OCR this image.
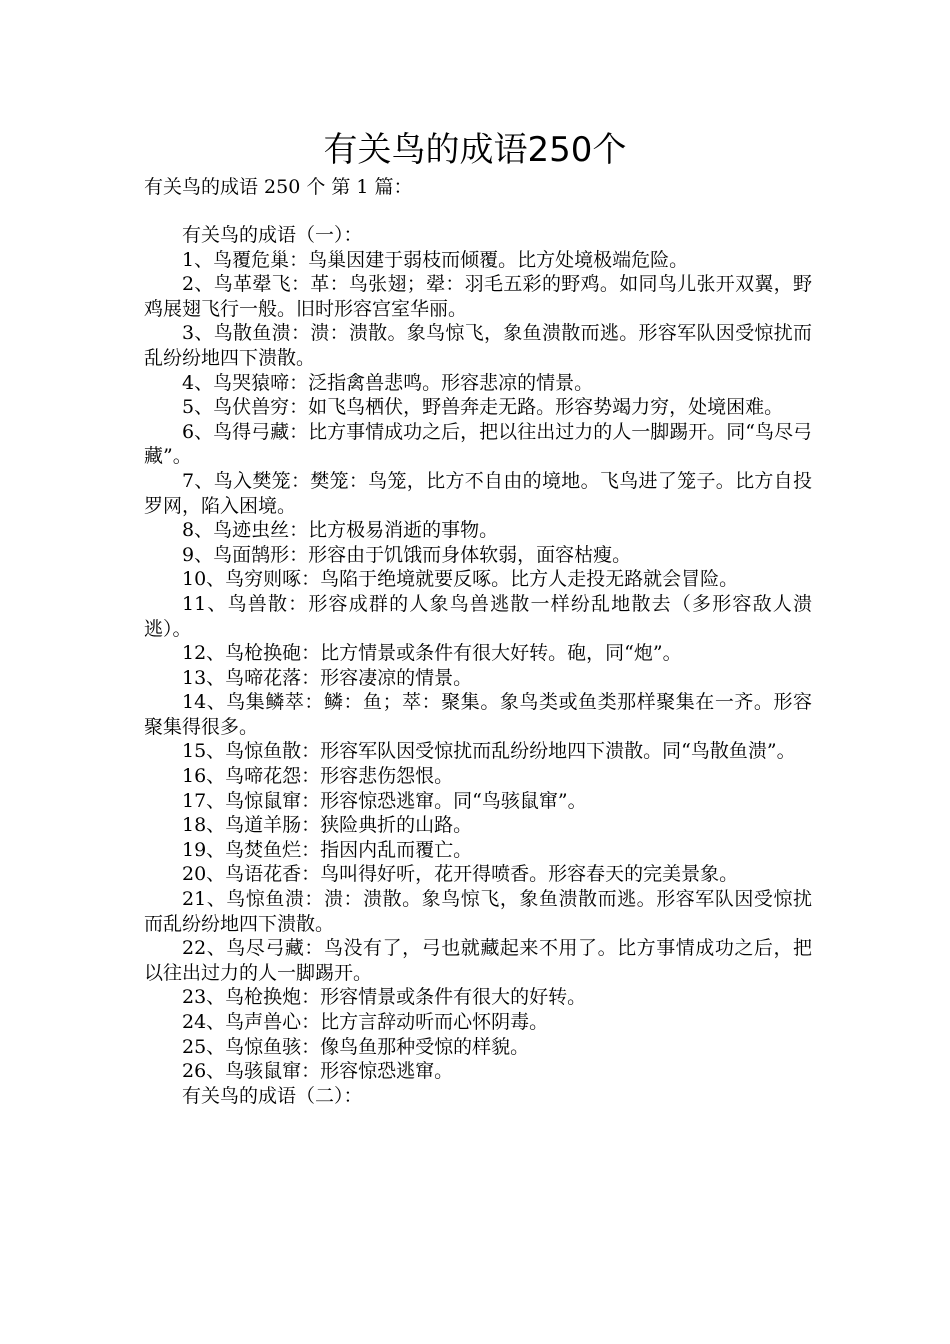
有关鸟的成语250个
有关鸟的成语 250 个 第 1 篇：

有关鸟的成语（一）：

1、鸟覆危巢：鸟巢因建于弱枝而倾覆。比方处境极端危险。

2、鸟革翚飞：革：鸟张翅；翚：羽毛五彩的野鸡。如同鸟儿张开双翼，野鸡展翅飞行一般。旧时形容宫室华丽。

3、鸟散鱼溃：溃：溃散。象鸟惊飞，象鱼溃散而逃。形容军队因受惊扰而乱纷纷地四下溃散。

4、鸟哭猿啼：泛指禽兽悲鸣。形容悲凉的情景。

5、鸟伏兽穷：如飞鸟栖伏，野兽奔走无路。形容势竭力穷，处境困难。

6、鸟得弓藏：比方事情成功之后，把以往出过力的人一脚踢开。同“鸟尽弓藏”。

7、鸟入樊笼：樊笼：鸟笼，比方不自由的境地。飞鸟进了笼子。比方自投罗网，陷入困境。

8、鸟迹虫丝：比方极易消逝的事物。

9、鸟面鹄形：形容由于饥饿而身体软弱，面容枯瘦。

10、鸟穷则啄：鸟陷于绝境就要反啄。比方人走投无路就会冒险。

11、鸟兽散：形容成群的人象鸟兽逃散一样纷乱地散去（多形容敌人溃逃）。

12、鸟枪换砲：比方情景或条件有很大好转。砲，同“炮”。

13、鸟啼花落：形容凄凉的情景。

14、鸟集鳞萃：鳞：鱼；萃：聚集。象鸟类或鱼类那样聚集在一齐。形容聚集得很多。

15、鸟惊鱼散：形容军队因受惊扰而乱纷纷地四下溃散。同“鸟散鱼溃”。

16、鸟啼花怨：形容悲伤怨恨。

17、鸟惊鼠窜：形容惊恐逃窜。同“鸟骇鼠窜”。

18、鸟道羊肠：狭险典折的山路。

19、鸟焚鱼烂：指因内乱而覆亡。

20、鸟语花香：鸟叫得好听，花开得喷香。形容春天的完美景象。

21、鸟惊鱼溃：溃：溃散。象鸟惊飞，象鱼溃散而逃。形容军队因受惊扰而乱纷纷地四下溃散。

22、鸟尽弓藏：鸟没有了，弓也就藏起来不用了。比方事情成功之后，把以往出过力的人一脚踢开。

23、鸟枪换炮：形容情景或条件有很大的好转。

24、鸟声兽心：比方言辞动听而心怀阴毒。

25、鸟惊鱼骇：像鸟鱼那种受惊的样貌。

26、鸟骇鼠窜：形容惊恐逃窜。

有关鸟的成语（二）：
